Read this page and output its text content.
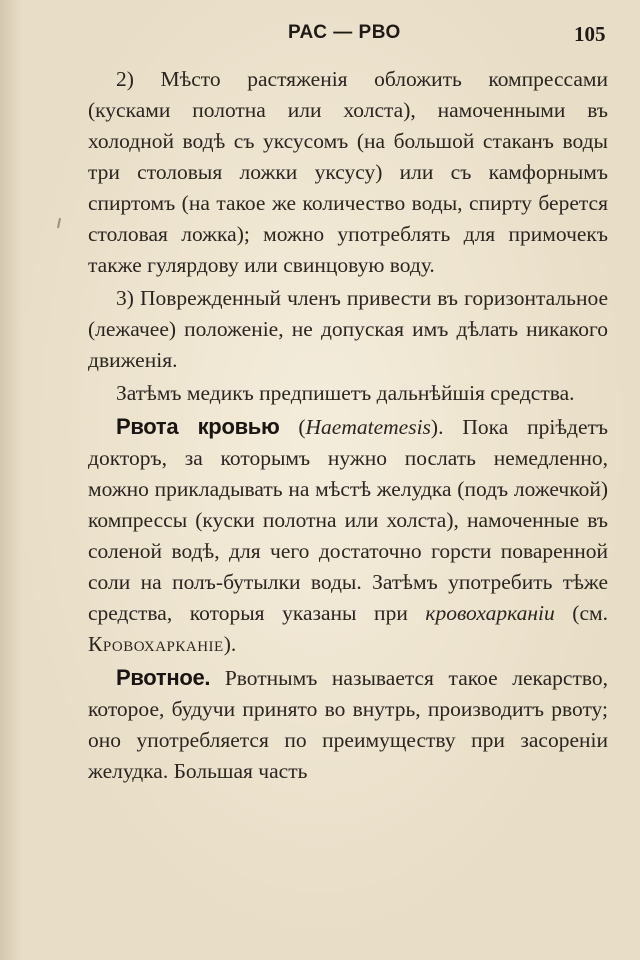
РАС — РВО	105

2) Мѣсто растяженія обложить компрессами (кусками полотна или холста), намоченными въ холодной водѣ съ уксусомъ (на большой стаканъ воды три столовыя ложки уксусу) или съ камфорнымъ спиртомъ (на такое же количество воды, спирту берется столовая ложка); можно употреблять для примочекъ также гулярдову или свинцовую воду.

3) Поврежденный членъ привести въ горизонтальное (лежачее) положеніе, не допуская имъ дѣлать никакого движенія.

Затѣмъ медикъ предпишетъ дальнѣйшія средства.

Рвота кровью (Haematemesis). Пока пріѣдетъ докторъ, за которымъ нужно послать немедленно, можно прикладывать на мѣстѣ желудка (подъ ложечкой) компрессы (куски полотна или холста), намоченные въ соленой водѣ, для чего достаточно горсти поваренной соли на полъ-бутылки воды. Затѣмъ употребить тѣже средства, которыя указаны при кровохарканіи (см. Кровохарканіе).

Рвотное. Рвотнымъ называется такое лекарство, которое, будучи принято во внутрь, производитъ рвоту; оно употребляется по преимуществу при засореніи желудка. Большая часть
